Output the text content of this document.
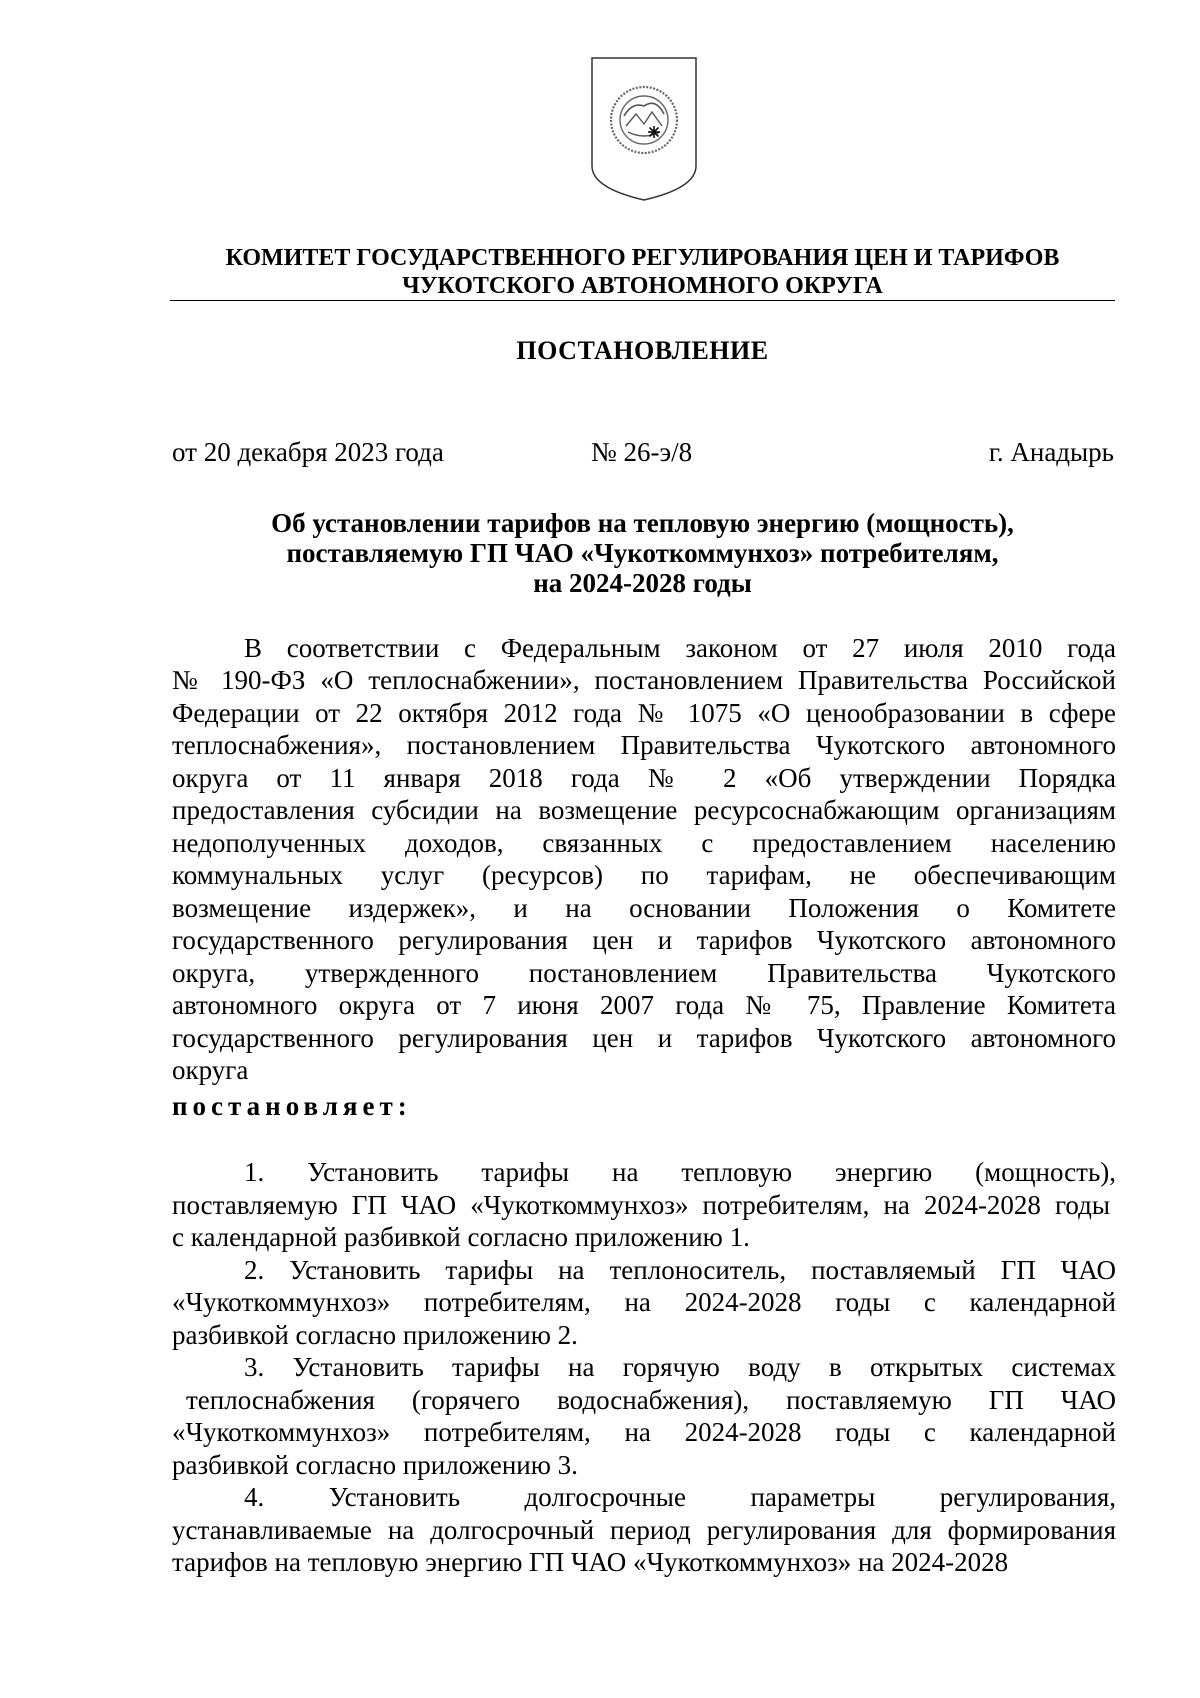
КОМИТЕТ ГОСУДАРСТВЕННОГО РЕГУЛИРОВАНИЯ ЦЕН И ТАРИФОВ
ЧУКОТСКОГО АВТОНОМНОГО ОКРУГА
ПОСТАНОВЛЕНИЕ
от 20 декабря 2023 года	№ 26-э/8	г. Анадырь
Об установлении тарифов на тепловую энергию (мощность),
поставляемую ГП ЧАО «Чукоткоммунхоз» потребителям,
на 2024-2028 годы
В соответствии с Федеральным законом от 27 июля 2010 года
№ 190-ФЗ «О теплоснабжении», постановлением Правительства Российской
Федерации от 22 октября 2012 года № 1075 «О ценообразовании в сфере
теплоснабжения», постановлением Правительства Чукотского автономного
округа от 11 января 2018 года № 2 «Об утверждении Порядка
предоставления субсидии на возмещение ресурсоснабжающим организациям
недополученных доходов, связанных с предоставлением населению
коммунальных услуг (ресурсов) по тарифам, не обеспечивающим
возмещение издержек», и на основании Положения о Комитете
государственного регулирования цен и тарифов Чукотского автономного
округа, утвержденного постановлением Правительства Чукотского
автономного округа от 7 июня 2007 года № 75, Правление Комитета
государственного регулирования цен и тарифов Чукотского автономного
округа
постановляет:
1. Установить тарифы на тепловую энергию (мощность),
поставляемую ГП ЧАО «Чукоткоммунхоз» потребителям, на 2024-2028 годы
с календарной разбивкой согласно приложению 1.
2. Установить тарифы на теплоноситель, поставляемый ГП ЧАО
«Чукоткоммунхоз» потребителям, на 2024-2028 годы с календарной
разбивкой согласно приложению 2.
3. Установить тарифы на горячую воду в открытых системах
теплоснабжения (горячего водоснабжения), поставляемую ГП ЧАО
«Чукоткоммунхоз» потребителям, на 2024-2028 годы с календарной
разбивкой согласно приложению 3.
4. Установить долгосрочные параметры регулирования,
устанавливаемые на долгосрочный период регулирования для формирования
тарифов на тепловую энергию ГП ЧАО «Чукоткоммунхоз» на 2024-2028
